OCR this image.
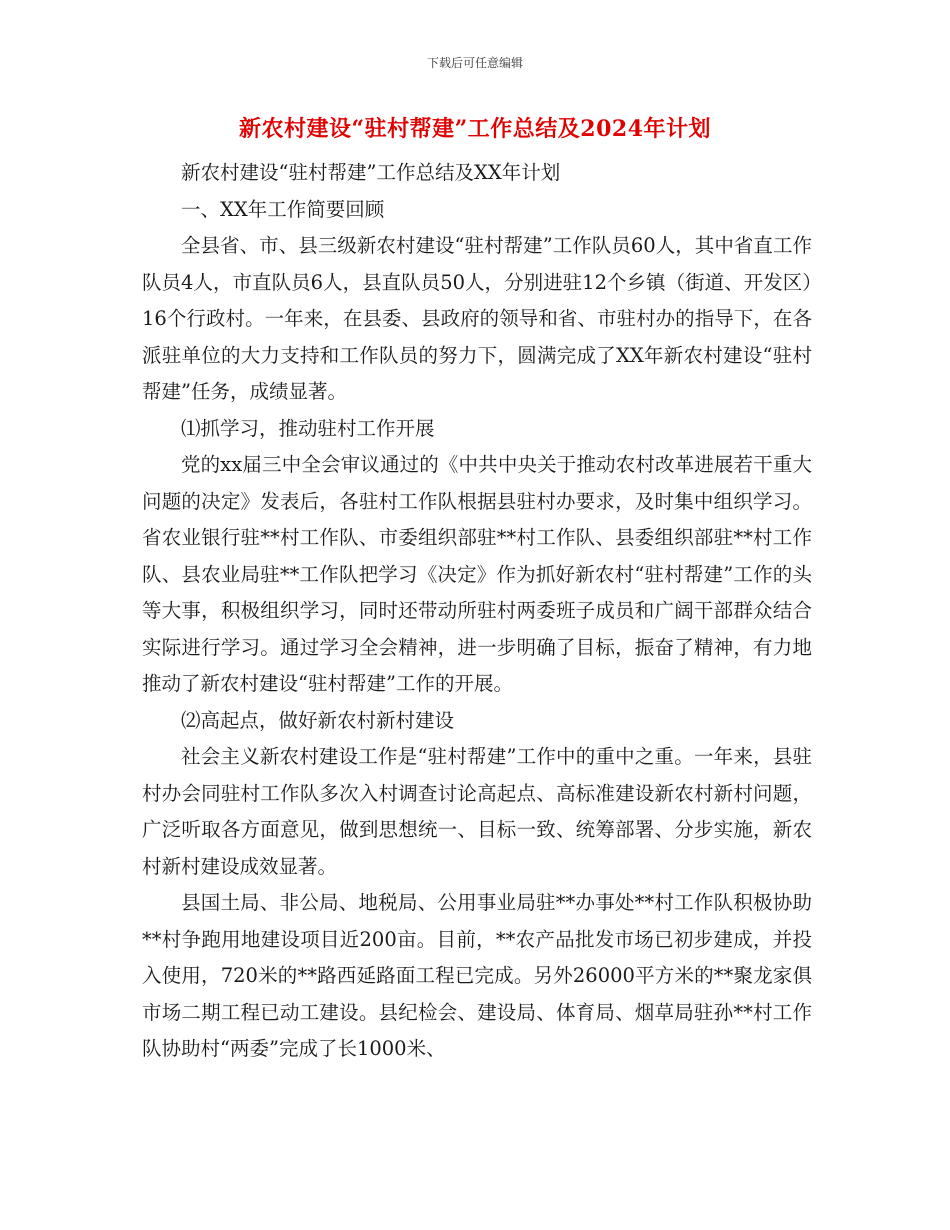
下载后可任意编辑
新农村建设“驻村帮建”工作总结及2024年计划

新农村建设“驻村帮建”工作总结及XX年计划

一、XX年工作简要回顾

全县省、市、县三级新农村建设“驻村帮建”工作队员60人，其中省直工作队员4人，市直队员6人，县直队员50人，分别进驻12个乡镇（街道、开发区）16个行政村。一年来，在县委、县政府的领导和省、市驻村办的指导下，在各派驻单位的大力支持和工作队员的努力下，圆满完成了XX年新农村建设“驻村帮建”任务，成绩显著。

⑴抓学习，推动驻村工作开展

党的xx届三中全会审议通过的《中共中央关于推动农村改革进展若干重大问题的决定》发表后，各驻村工作队根据县驻村办要求，及时集中组织学习。省农业银行驻**村工作队、市委组织部驻**村工作队、县委组织部驻**村工作队、县农业局驻**工作队把学习《决定》作为抓好新农村“驻村帮建”工作的头等大事，积极组织学习，同时还带动所驻村两委班子成员和广阔干部群众结合实际进行学习。通过学习全会精神，进一步明确了目标，振奋了精神，有力地推动了新农村建设“驻村帮建”工作的开展。

⑵高起点，做好新农村新村建设

社会主义新农村建设工作是“驻村帮建”工作中的重中之重。一年来，县驻村办会同驻村工作队多次入村调查讨论高起点、高标准建设新农村新村问题，广泛听取各方面意见，做到思想统一、目标一致、统筹部署、分步实施，新农村新村建设成效显著。

县国土局、非公局、地税局、公用事业局驻**办事处**村工作队积极协助**村争跑用地建设项目近200亩。目前，**农产品批发市场已初步建成，并投入使用，720米的**路西延路面工程已完成。另外26000平方米的**聚龙家俱市场二期工程已动工建设。县纪检会、建设局、体育局、烟草局驻孙**村工作队协助村“两委”完成了长1000米、
